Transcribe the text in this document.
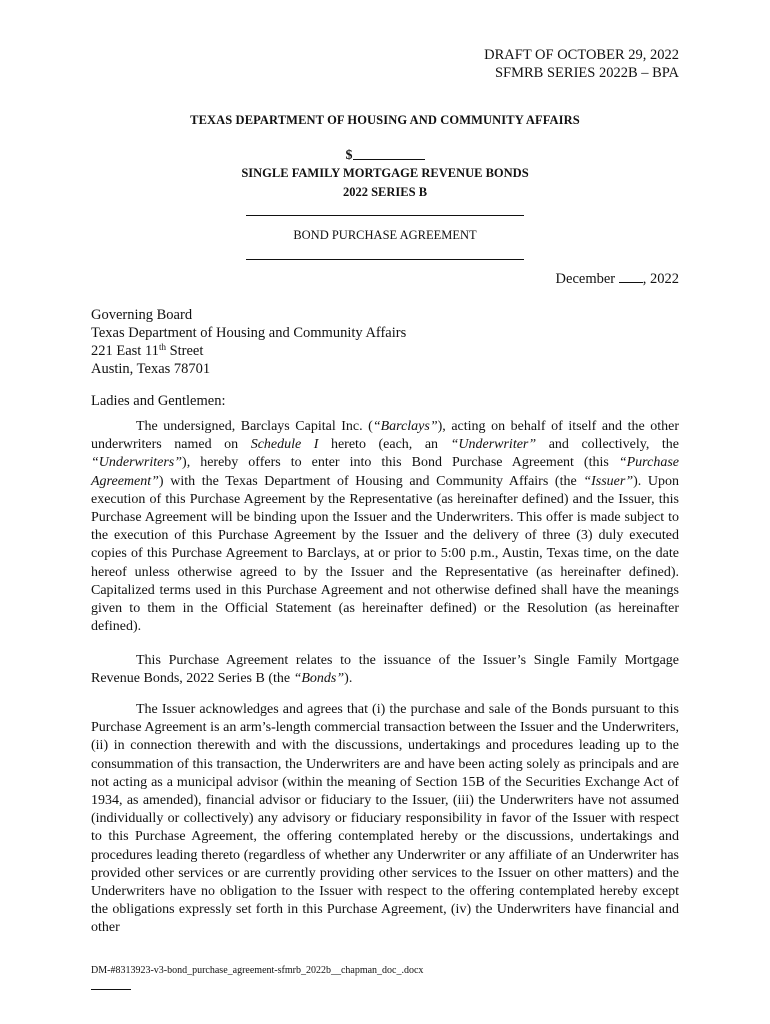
DRAFT OF OCTOBER 29, 2022
SFMRB SERIES 2022B – BPA
TEXAS DEPARTMENT OF HOUSING AND COMMUNITY AFFAIRS
$
SINGLE FAMILY MORTGAGE REVENUE BONDS
2022 SERIES B
BOND PURCHASE AGREEMENT
December , 2022
Governing Board
Texas Department of Housing and Community Affairs
221 East 11th Street
Austin, Texas 78701
Ladies and Gentlemen:

The undersigned, Barclays Capital Inc. (“Barclays”), acting on behalf of itself and the other underwriters named on Schedule I hereto (each, an “Underwriter” and collectively, the “Underwriters”), hereby offers to enter into this Bond Purchase Agreement (this “Purchase Agreement”) with the Texas Department of Housing and Community Affairs (the “Issuer”). Upon execution of this Purchase Agreement by the Representative (as hereinafter defined) and the Issuer, this Purchase Agreement will be binding upon the Issuer and the Underwriters. This offer is made subject to the execution of this Purchase Agreement by the Issuer and the delivery of three (3) duly executed copies of this Purchase Agreement to Barclays, at or prior to 5:00 p.m., Austin, Texas time, on the date hereof unless otherwise agreed to by the Issuer and the Representative (as hereinafter defined). Capitalized terms used in this Purchase Agreement and not otherwise defined shall have the meanings given to them in the Official Statement (as hereinafter defined) or the Resolution (as hereinafter defined).

This Purchase Agreement relates to the issuance of the Issuer’s Single Family Mortgage Revenue Bonds, 2022 Series B (the “Bonds”).

The Issuer acknowledges and agrees that (i) the purchase and sale of the Bonds pursuant to this Purchase Agreement is an arm’s-length commercial transaction between the Issuer and the Underwriters, (ii) in connection therewith and with the discussions, undertakings and procedures leading up to the consummation of this transaction, the Underwriters are and have been acting solely as principals and are not acting as a municipal advisor (within the meaning of Section 15B of the Securities Exchange Act of 1934, as amended), financial advisor or fiduciary to the Issuer, (iii) the Underwriters have not assumed (individually or collectively) any advisory or fiduciary responsibility in favor of the Issuer with respect to this Purchase Agreement, the offering contemplated hereby or the discussions, undertakings and procedures leading thereto (regardless of whether any Underwriter or any affiliate of an Underwriter has provided other services or are currently providing other services to the Issuer on other matters) and the Underwriters have no obligation to the Issuer with respect to the offering contemplated hereby except the obligations expressly set forth in this Purchase Agreement, (iv) the Underwriters have financial and other

DM-#8313923-v3-bond_purchase_agreement-sfmrb_2022b__chapman_doc_.docx
